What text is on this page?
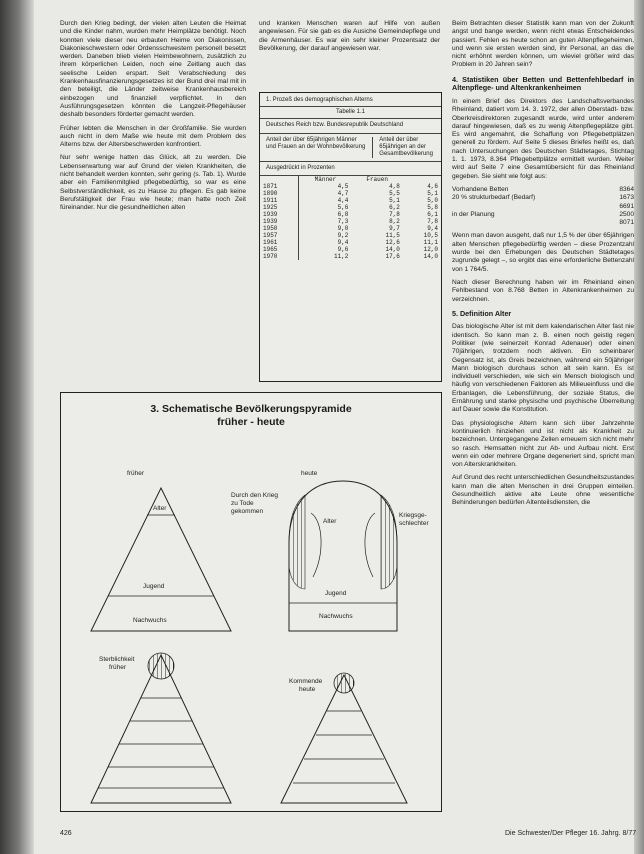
Durch den Krieg bedingt, der vielen alten Leuten die Heimat und die Kinder nahm, wurden mehr Heimplätze benötigt. Noch konnten viele dieser neu erbauten Heime von Diakonissen, Diakonieschwestern oder Ordensschwestern personell besetzt werden. Daneben blieb vielen Heimbewohnern, zusätzlich zu ihrem körperlichen Leiden, noch eine Zeitlang auch das seelische Leiden erspart. Seit Verabschiedung des Krankenhausfinanzierungsgesetzes ist der Bund drei mal mit in den beteiligt, die Länder zeitweise Krankenhausbereich einbezogen und finanziell verpflichtet. In den Ausführungsgesetzen könnten die Langzeit-Pflegehäuser deshalb besonders förderter gemacht werden.

Früher lebten die Menschen in der Großfamilie. Sie wurden auch nicht in dem Maße wie heute mit dem Problem des Alterns bzw. der Altersbeschwerden konfrontiert.

Nur sehr wenige hatten das Glück, alt zu werden. Die Lebenserwartung war auf Grund der vielen Krankheiten, die nicht behandelt werden konnten, sehr gering (s. Tab. 1). Wurde aber ein Familienmitglied pflegebedürftig, so war es eine Selbstverständlichkeit, es zu Hause zu pflegen. Es gab keine Berufstätigkeit der Frau wie heute; man hatte noch Zeit füreinander. Nur die gesundheitlichen alten

und kranken Menschen waren auf Hilfe von außen angewiesen. Für sie gab es die Ausiche Gemeindepflege und die Armenhäuser. Es war ein sehr kleiner Prozentsatz der Bevölkerung, der darauf angewiesen war.

1. Prozeß des demographischen Alterns
Tabelle 1.1
Deutsches Reich bzw. Bundesrepublik Deutschland
Anteil der über 65jährigen Männer und Frauen an der Wohnbevölkerung
Anteil der über 65jährigen an der Gesamtbevölkerung
Ausgedrückt in Prozenten
	Männer	Frauen	
1871	4,5	4,8	4,6
1890	4,7	5,5	5,1
1911	4,4	5,1	5,0
1925	5,6	6,2	5,8
1939	6,8	7,8	6,1
1939	7,3	8,2	7,8
1950	9,0	9,7	9,4
1957	9,2	11,5	10,5
1961	9,4	12,6	11,1
1965	9,6	14,0	12,0
1970	11,2	17,6	14,0
3. Schematische Bevölkerungspyramide
früher - heute
früher
Alter
Jugend
Nachwuchs
heute
Alter
Jugend
Nachwuchs
Durch den Krieg
zu Tode
gekommen
Kriegsge-
schlechter
Sterblichkeit
früher
Kommende
heute

Beim Betrachten dieser Statistik kann man von der Zukunft angst und bange werden, wenn nicht etwas Entscheidendes passiert. Fehlen es heute schon an guten Altenpflegeheimen, und wenn sie ersten werden sind, ihr Personal, an das die nicht erhöhnt werden können, um wieviel größer wird das Problem in 20 Jahren sein?

4. Statistiken über Betten und Bettenfehlbedarf in Altenpflege- und Altenkrankenheimen

In einem Brief des Direktors des Landschaftsverbandes Rheinland, datiert vom 14. 3. 1972, der allen Oberstadt- bzw. Oberkreisdirektoren zugesandt wurde, wird unter anderem darauf hingewiesen, daß es zu wenig Altenpflegeplätze gibt. Es wird angemahnt, die Schaffung von Pflegebettplätzen generell zu fördern. Auf Seite 5 dieses Briefes heißt es, daß nach Untersuchungen des Deutschen Städtetages, Stichtag 1. 1. 1973, 8.364 Pflegebettplätze ermittelt wurden. Weiter wird auf Seite 7 eine Gesamtübersicht für das Rheinland gegeben. Sie sieht wie folgt aus:

Vorhandene Betten	8364
20 % strukturbedarf (Bedarf)	1673
6691
in der Planung	2500
8071

Wenn man davon ausgeht, daß nur 1,5 % der über 65jährigen alten Menschen pflegebedürftig werden – diese Prozentzahl wurde bei den Erhebungen des Deutschen Städtetages zugrunde gelegt –, so ergibt das eine erforderliche Bettenzahl von 1 764/5.

Nach dieser Berechnung haben wir im Rheinland einen Fehlbestand von 8.768 Betten in Altenkrankenheimen zu verzeichnen.

5. Definition Alter

Das biologische Alter ist mit dem kalendarischen Alter fast nie identisch. So kann man z. B. einen noch geistig regen Politiker (wie seinerzeit Konrad Adenauer) oder einen 70jährigen, trotzdem noch aktiven. Ein scheinbarer Gegensatz ist, als Greis bezeichnen, während ein 50jähriger Mann biologisch durchaus schon alt sein kann. Es ist individuell verschieden, wie sich ein Mensch biologisch und häufig von verschiedenen Faktoren als Milieueinfluss und die Erbanlagen, die Lebensführung, der soziale Status, die Ernährung und starke physische und psychische Überreitung auf Dauer sowie die Konstitution.

Das physiologische Altern kann sich über Jahrzehnte kontinuierlich hinziehen und ist nicht als Krankheit zu bezeichnen. Untergegangene Zellen erneuern sich nicht mehr so rasch. Hemsatten nicht zur Ab- und Aufbau nicht. Erst wenn ein oder mehrere Organe degeneriert sind, spricht man von Alterskrankheiten.

Auf Grund des recht unterschiedlichen Gesundheitszustandes kann man die alten Menschen in drei Gruppen einteilen. Gesundheitlich aktive alte Leute ohne wesentliche Behinderungen bedürfen Altenteilsdiensten, die

426	Die Schwester/Der Pfleger 16. Jahrg. 8/77
